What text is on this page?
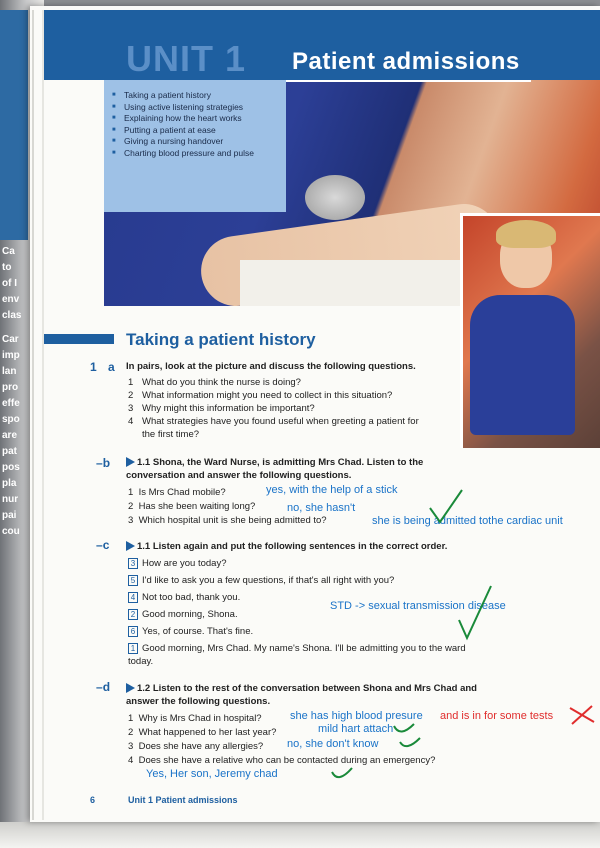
Ca
to
of I
env
clas
Car
imp
lan
pro
effe
spo
are
pat
pos
pla
nur
pai
cou
UNIT 1 Patient admissions
■ Taking a patient history
■ Using active listening strategies
■ Explaining how the heart works
■ Putting a patient at ease
■ Giving a nursing handover
■ Charting blood pressure and pulse
Taking a patient history
1 a In pairs, look at the picture and discuss the following questions.
1 What do you think the nurse is doing?
2 What information might you need to collect in this situation?
3 Why might this information be important?
4 What strategies have you found useful when greeting a patient for the first time?
–b	1.1 Shona, the Ward Nurse, is admitting Mrs Chad. Listen to the conversation and answer the following questions.
1 Is Mrs Chad mobile?
2 Has she been waiting long?
3 Which hospital unit is she being admitted to?
yes, with the help of a stick
no, she hasn't
she is being admitted tothe cardiac unit
–c	1.1 Listen again and put the following sentences in the correct order.
3 How are you today?
5 I'd like to ask you a few questions, if that's all right with you?
4 Not too bad, thank you.
2 Good morning, Shona.
6 Yes, of course. That's fine.
1 Good morning, Mrs Chad. My name's Shona. I'll be admitting you to the ward today.
STD -> sexual transmission disease
–d	1.2 Listen to the rest of the conversation between Shona and Mrs Chad and answer the following questions.
1 Why is Mrs Chad in hospital?
2 What happened to her last year?
3 Does she have any allergies?
4 Does she have a relative who can be contacted during an emergency?
she has high blood presure and is in for some tests
mild hart attach
no, she don't know
Yes, Her son, Jeremy chad
6	Unit 1 Patient admissions
